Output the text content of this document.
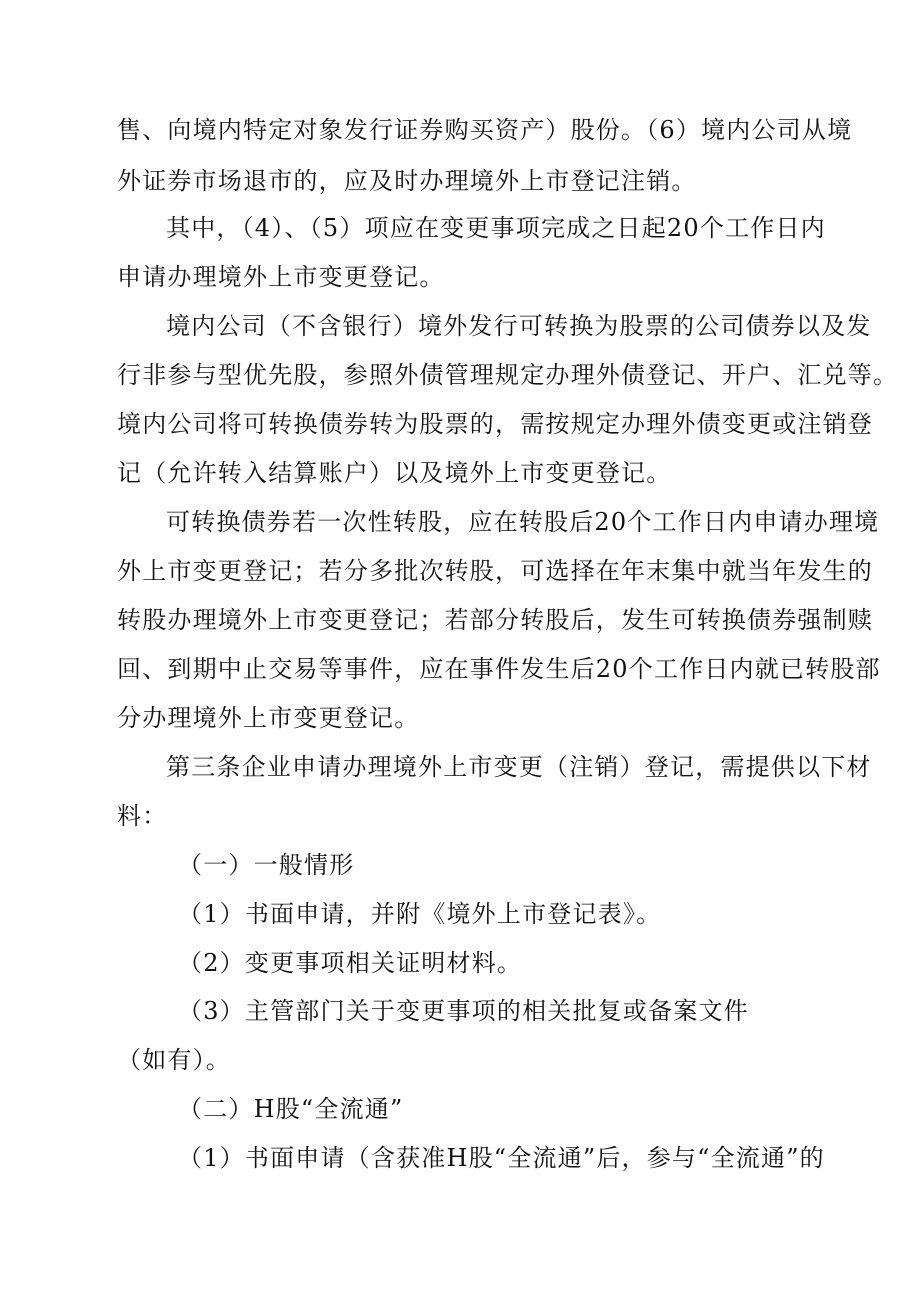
售、向境内特定对象发行证券购买资产）股份。（6）境内公司从境
外证券市场退市的，应及时办理境外上市登记注销。
其中，（4）、（5）项应在变更事项完成之日起20个工作日内
申请办理境外上市变更登记。
境内公司（不含银行）境外发行可转换为股票的公司债券以及发
行非参与型优先股，参照外债管理规定办理外债登记、开户、汇兑等。
境内公司将可转换债券转为股票的，需按规定办理外债变更或注销登
记（允许转入结算账户）以及境外上市变更登记。
可转换债券若一次性转股，应在转股后20个工作日内申请办理境
外上市变更登记；若分多批次转股，可选择在年末集中就当年发生的
转股办理境外上市变更登记；若部分转股后，发生可转换债券强制赎
回、到期中止交易等事件，应在事件发生后20个工作日内就已转股部
分办理境外上市变更登记。
第三条企业申请办理境外上市变更（注销）登记，需提供以下材
料：
（一）一般情形
（1）书面申请，并附《境外上市登记表》。
（2）变更事项相关证明材料。
（3）主管部门关于变更事项的相关批复或备案文件
（如有）。
（二）H股“全流通”
（1）书面申请（含获准H股“全流通”后，参与“全流通”的
